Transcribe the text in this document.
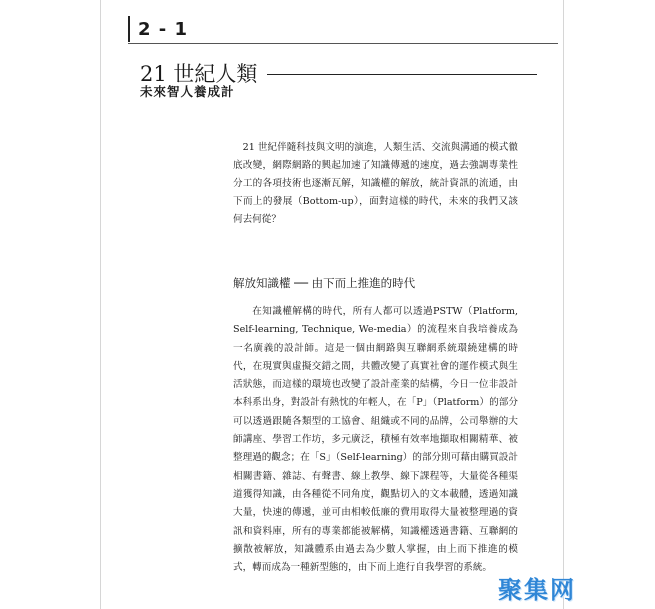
2 - 1
21 世紀人類
未來智人養成計

21 世紀伴隨科技與文明的演進，人類生活、交流與溝通的模式徹底改變，網際網路的興起加速了知識傳遞的速度，過去強調專業性分工的各項技術也逐漸瓦解，知識權的解放，統計資訊的流通，由下而上的發展（Bottom-up），面對這樣的時代，未來的我們又該何去何從？

解放知識權 ── 由下而上推進的時代

在知識權解構的時代，所有人都可以透過PSTW（Platform, Self-learning, Technique, We-media）的流程來自我培養成為一名廣義的設計師。這是一個由網路與互聯網系統環繞建構的時代，在現實與虛擬交錯之間，共體改變了真實社會的運作模式與生活狀態，而這樣的環境也改變了設計產業的結構，今日一位非設計本科系出身，對設計有熱忱的年輕人，在「P」（Platform）的部分可以透過跟隨各類型的工協會、組織或不同的品牌，公司舉辦的大師講座、學習工作坊，多元廣泛，積極有效率地擷取相關精華、被整理過的觀念；在「S」（Self-learning）的部分則可藉由購買設計相關書籍、雜誌、有聲書、線上教學、線下課程等，大量從各種渠道獲得知識，由各種從不同角度，觀點切入的文本載體，透過知識大量，快速的傳遞，並可由相較低廉的費用取得大量被整理過的資訊和資料庫，所有的專業都能被解構，知識權透過書籍、互聯網的擴散被解放，知識體系由過去為少數人掌握，由上而下推進的模式，轉而成為一種新型態的，由下而上進行自我學習的系統。

聚集网
